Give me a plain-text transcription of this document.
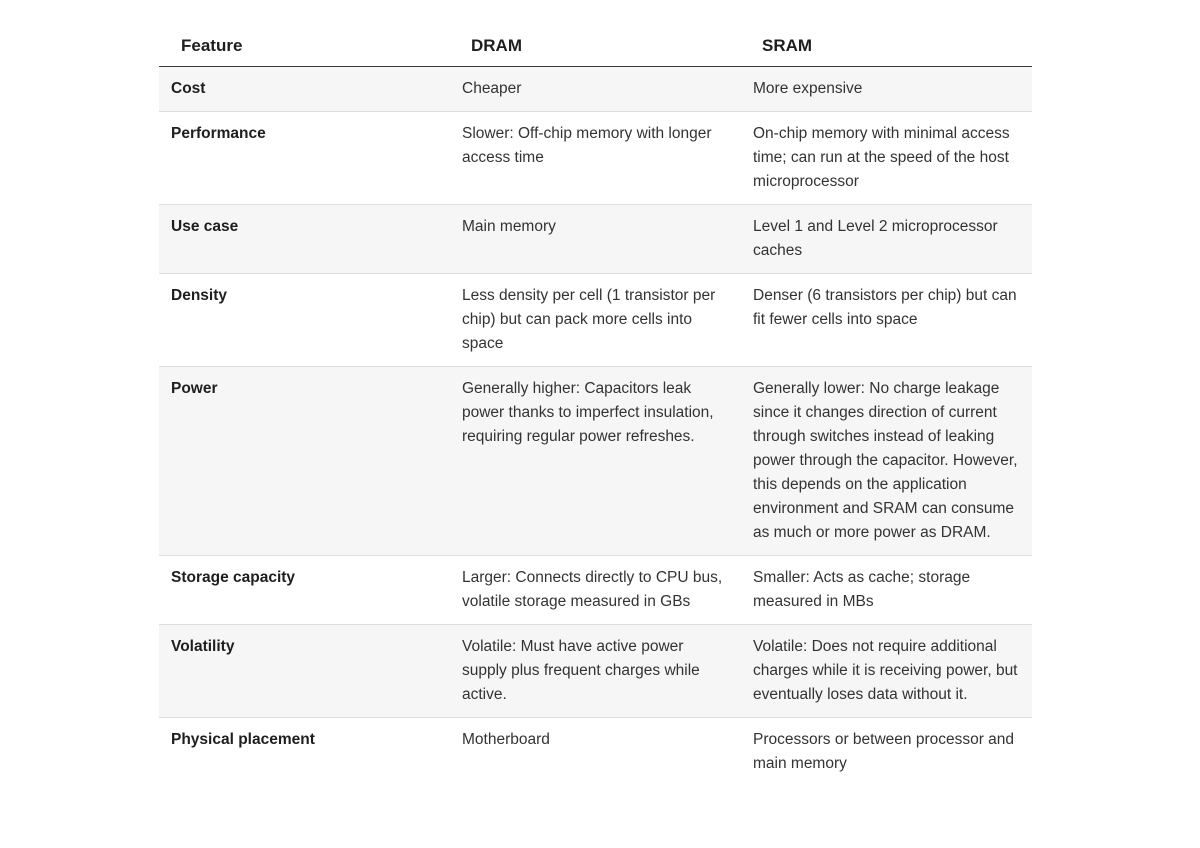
Feature	DRAM	SRAM
Cost	Cheaper	More expensive
Performance	Slower: Off-chip memory with longer access time	On-chip memory with minimal access time; can run at the speed of the host microprocessor
Use case	Main memory	Level 1 and Level 2 microprocessor caches
Density	Less density per cell (1 transistor per chip) but can pack more cells into space	Denser (6 transistors per chip) but can fit fewer cells into space
Power	Generally higher: Capacitors leak power thanks to imperfect insulation, requiring regular power refreshes.	Generally lower: No charge leakage since it changes direction of current through switches instead of leaking power through the capacitor. However, this depends on the application environment and SRAM can consume as much or more power as DRAM.
Storage capacity	Larger: Connects directly to CPU bus, volatile storage measured in GBs	Smaller: Acts as cache; storage measured in MBs
Volatility	Volatile: Must have active power supply plus frequent charges while active.	Volatile: Does not require additional charges while it is receiving power, but eventually loses data without it.
Physical placement	Motherboard	Processors or between processor and main memory
